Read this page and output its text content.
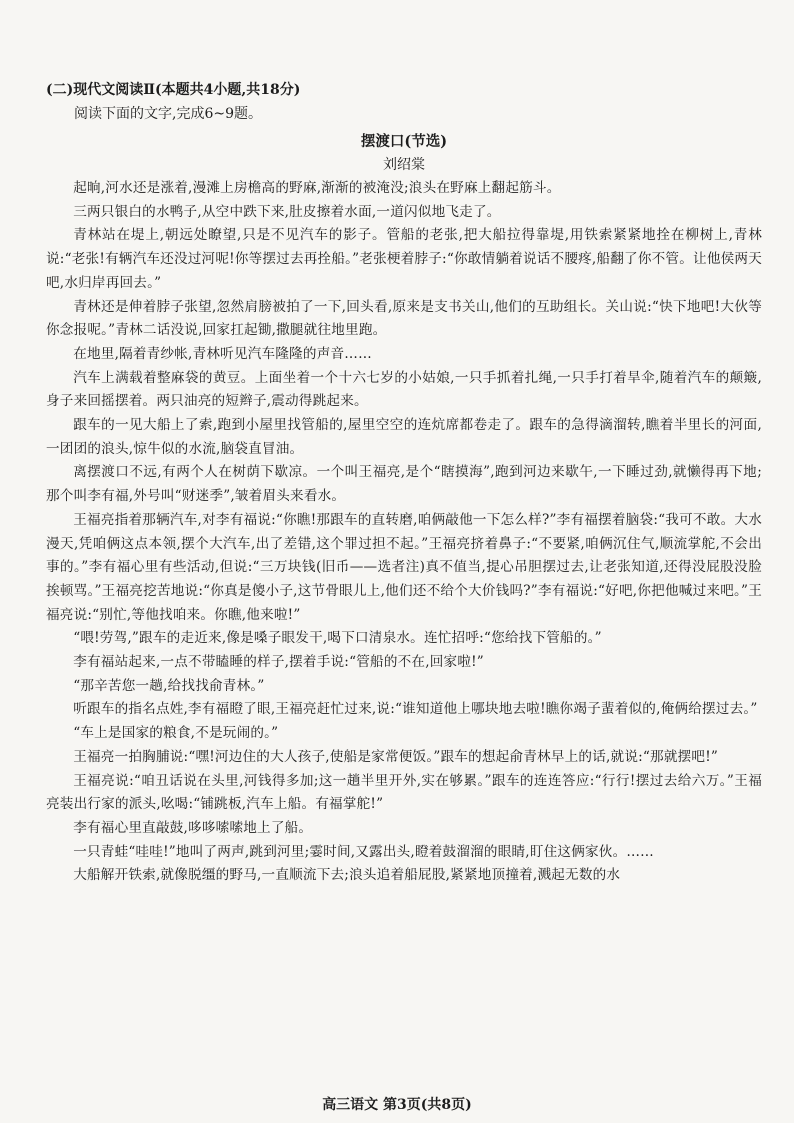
(二)现代文阅读Ⅱ(本题共4小题,共18分)

阅读下面的文字,完成6~9题。

摆渡口(节选)

刘绍棠

起晌,河水还是涨着,漫滩上房檐高的野麻,渐渐的被淹没;浪头在野麻上翻起筋斗。

三两只银白的水鸭子,从空中跌下来,肚皮擦着水面,一道闪似地飞走了。

青林站在堤上,朝远处瞭望,只是不见汽车的影子。管船的老张,把大船拉得靠堤,用铁索紧紧地拴在柳树上,青林说:“老张!有辆汽车还没过河呢!你等摆过去再拴船。”老张梗着脖子:“你敢情躺着说话不腰疼,船翻了你不管。让他侯两天吧,水归岸再回去。”

青林还是伸着脖子张望,忽然肩膀被拍了一下,回头看,原来是支书关山,他们的互助组长。关山说:“快下地吧!大伙等你念报呢。”青林二话没说,回家扛起锄,撒腿就往地里跑。

在地里,隔着青纱帐,青林听见汽车隆隆的声音……

汽车上满载着整麻袋的黄豆。上面坐着一个十六七岁的小姑娘,一只手抓着扎绳,一只手打着旱伞,随着汽车的颠簸,身子来回摇摆着。两只油亮的短辫子,震动得跳起来。

跟车的一见大船上了索,跑到小屋里找管船的,屋里空空的连炕席都卷走了。跟车的急得滴溜转,瞧着半里长的河面,一团团的浪头,惊牛似的水流,脑袋直冒油。

离摆渡口不远,有两个人在树荫下歇凉。一个叫王福亮,是个“瞎摸海”,跑到河边来歇午,一下睡过劲,就懒得再下地;那个叫李有福,外号叫“财迷季”,皱着眉头来看水。

王福亮指着那辆汽车,对李有福说:“你瞧!那跟车的直转磨,咱俩敲他一下怎么样?”李有福摆着脑袋:“我可不敢。大水漫天,凭咱俩这点本领,摆个大汽车,出了差错,这个罪过担不起。”王福亮挤着鼻子:“不要紧,咱俩沉住气,顺流掌舵,不会出事的。”李有福心里有些活动,但说:“三万块钱(旧币——选者注)真不值当,提心吊胆摆过去,让老张知道,还得没屁股没脸挨顿骂。”王福亮挖苦地说:“你真是傻小子,这节骨眼儿上,他们还不给个大价钱吗?”李有福说:“好吧,你把他喊过来吧。”王福亮说:“别忙,等他找咱来。你瞧,他来啦!”

“喂!劳驾,”跟车的走近来,像是嗓子眼发干,喝下口清泉水。连忙招呼:“您给找下管船的。”

李有福站起来,一点不带瞌睡的样子,摆着手说:“管船的不在,回家啦!”

“那辛苦您一趟,给找找俞青林。”

听跟车的指名点姓,李有福瞪了眼,王福亮赶忙过来,说:“谁知道他上哪块地去啦!瞧你竭子蜚着似的,俺俩给摆过去。”

“车上是国家的粮食,不是玩闹的。”

王福亮一拍胸脯说:“嘿!河边住的大人孩子,使船是家常便饭。”跟车的想起俞青林早上的话,就说:“那就摆吧!”

王福亮说:“咱丑话说在头里,河钱得多加;这一趟半里开外,实在够累。”跟车的连连答应:“行行!摆过去给六万。”王福亮装出行家的派头,吆喝:“铺跳板,汽车上船。有福掌舵!”

李有福心里直敲鼓,哆哆嗦嗦地上了船。

一只青蛙“哇哇!”地叫了两声,跳到河里;霎时间,又露出头,瞪着鼓溜溜的眼睛,盯住这俩家伙。……

大船解开铁索,就像脱缰的野马,一直顺流下去;浪头追着船屁股,紧紧地顶撞着,溅起无数的水

高三语文 第3页(共8页)
